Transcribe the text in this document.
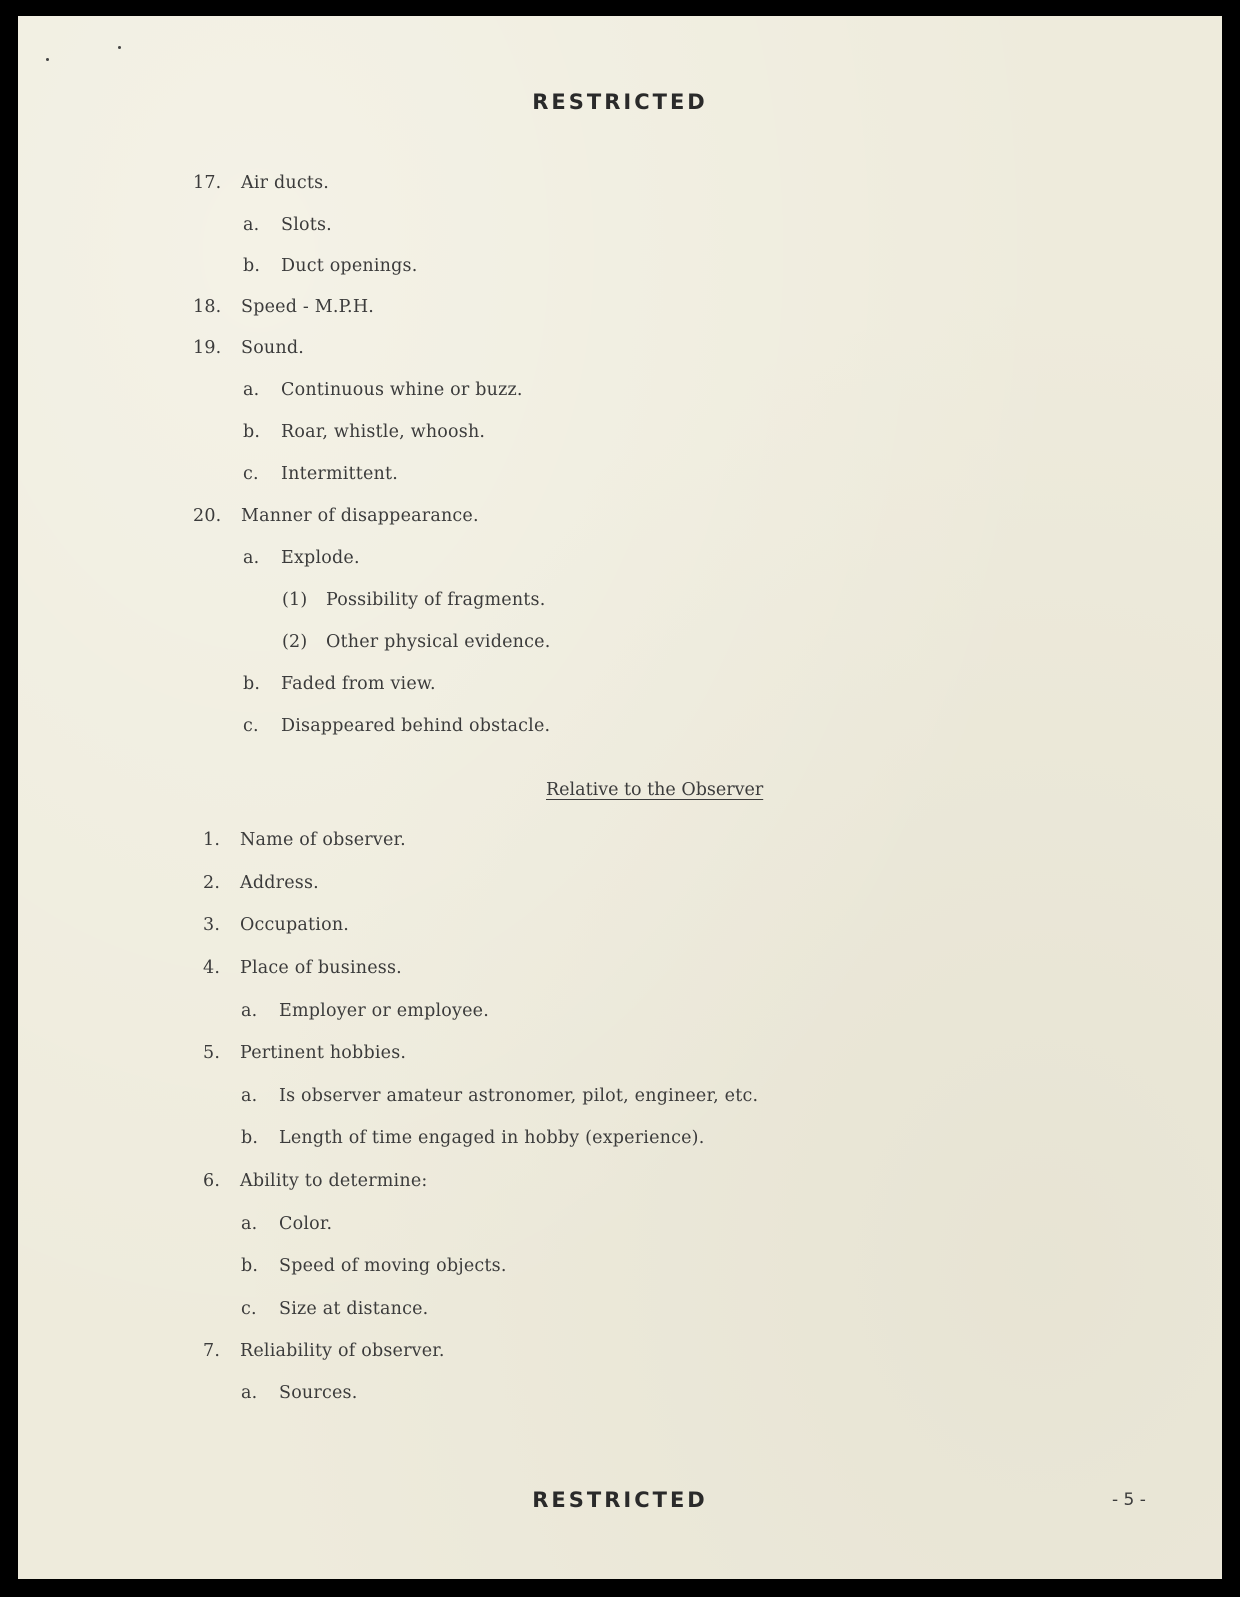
RESTRICTED
17. Air ducts.
a. Slots.
b. Duct openings.
18. Speed - M.P.H.
19. Sound.
a. Continuous whine or buzz.
b. Roar, whistle, whoosh.
c. Intermittent.
20. Manner of disappearance.
a. Explode.
(1) Possibility of fragments.
(2) Other physical evidence.
b. Faded from view.
c. Disappeared behind obstacle.
Relative to the Observer
1. Name of observer.
2. Address.
3. Occupation.
4. Place of business.
a. Employer or employee.
5. Pertinent hobbies.
a. Is observer amateur astronomer, pilot, engineer, etc.
b. Length of time engaged in hobby (experience).
6. Ability to determine:
a. Color.
b. Speed of moving objects.
c. Size at distance.
7. Reliability of observer.
a. Sources.
RESTRICTED	- 5 -
